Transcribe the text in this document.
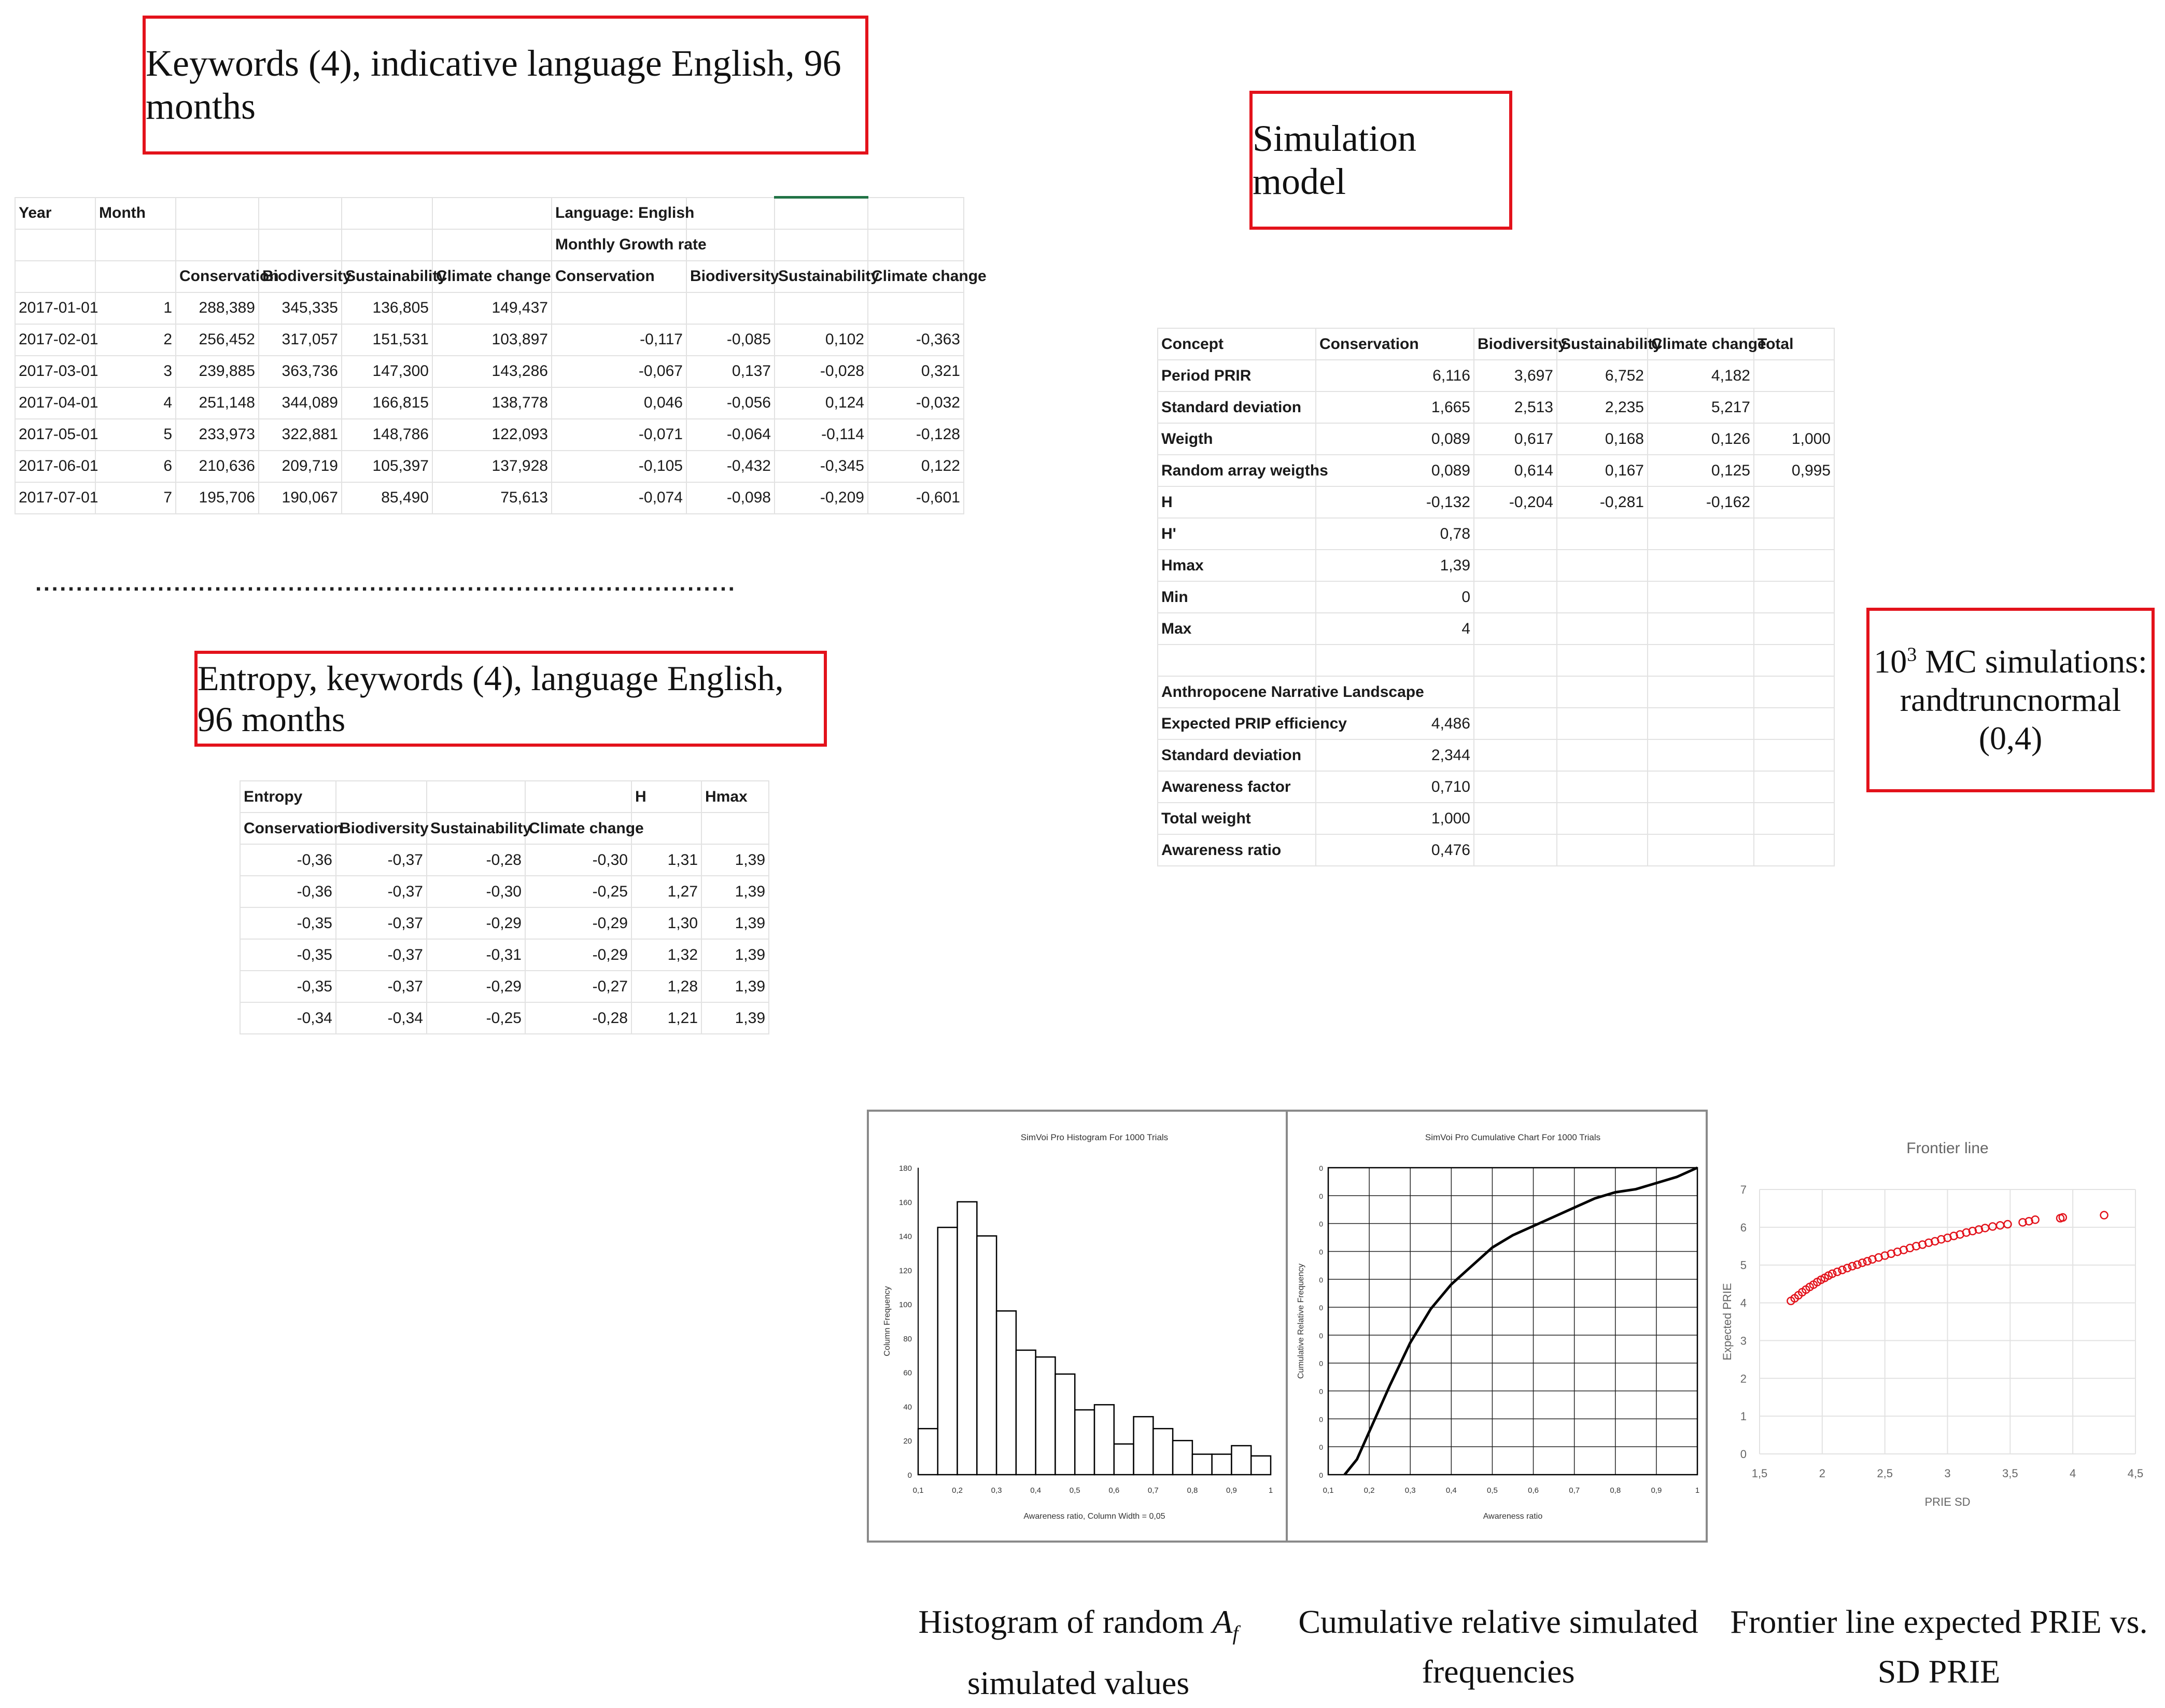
Keywords (4), indicative language English, 96 months
Simulation model
Entropy, keywords (4), language English, 96 months
$10^3$ MC simulations:
randtruncnormal (0,4)
Year	Month					Language: English			
						Monthly Growth rate			
		Conservation	Biodiversity	Sustainability	Climate change	Conservation	Biodiversity	Sustainability	Climate change
2017-01-01	1	288,389	345,335	136,805	149,437				
2017-02-01	2	256,452	317,057	151,531	103,897	-0,117	-0,085	0,102	-0,363
2017-03-01	3	239,885	363,736	147,300	143,286	-0,067	0,137	-0,028	0,321
2017-04-01	4	251,148	344,089	166,815	138,778	0,046	-0,056	0,124	-0,032
2017-05-01	5	233,973	322,881	148,786	122,093	-0,071	-0,064	-0,114	-0,128
2017-06-01	6	210,636	209,719	105,397	137,928	-0,105	-0,432	-0,345	0,122
2017-07-01	7	195,706	190,067	85,490	75,613	-0,074	-0,098	-0,209	-0,601
......................................................................................
Entropy				H	Hmax
Conservation	Biodiversity	Sustainability	Climate change		
-0,36	-0,37	-0,28	-0,30	1,31	1,39
-0,36	-0,37	-0,30	-0,25	1,27	1,39
-0,35	-0,37	-0,29	-0,29	1,30	1,39
-0,35	-0,37	-0,31	-0,29	1,32	1,39
-0,35	-0,37	-0,29	-0,27	1,28	1,39
-0,34	-0,34	-0,25	-0,28	1,21	1,39
Concept	Conservation	Biodiversity	Sustainability	Climate change	Total
Period PRIR	6,116	3,697	6,752	4,182	
Standard deviation	1,665	2,513	2,235	5,217	
Weigth	0,089	0,617	0,168	0,126	1,000
Random array weigths	0,089	0,614	0,167	0,125	0,995
H	-0,132	-0,204	-0,281	-0,162	
H'	0,78				
Hmax	1,39				
Min	0				
Max	4				

Anthropocene Narrative Landscape					
Expected PRIP efficiency	4,486				
Standard deviation	2,344				
Awareness factor	0,710				
Total weight	1,000				
Awareness ratio	0,476				
SimVoi Pro Histogram For 1000 Trials
0
20
40
60
80
100
120
140
160
180
0,1	0,2	0,3	0,4	0,5	0,6	0,7	0,8	0,9	1
Awareness ratio, Column Width = 0,05
Column Frequency
SimVoi Pro Cumulative Chart For 1000 Trials
0
0
0
0
0
0
0
0
0
0
0
0
0,1	0,2	0,3	0,4	0,5	0,6	0,7	0,8	0,9	1
Awareness ratio
Cumulative Relative Frequency
Frontier line
0
1
2
3
4
5
6
7
1,5	2	2,5	3	3,5	4	4,5
PRIE SD
Expected PRIE
Histogram of random $A_f$
simulated values
Cumulative relative simulated
frequencies
Frontier line expected PRIE vs.
SD PRIE
